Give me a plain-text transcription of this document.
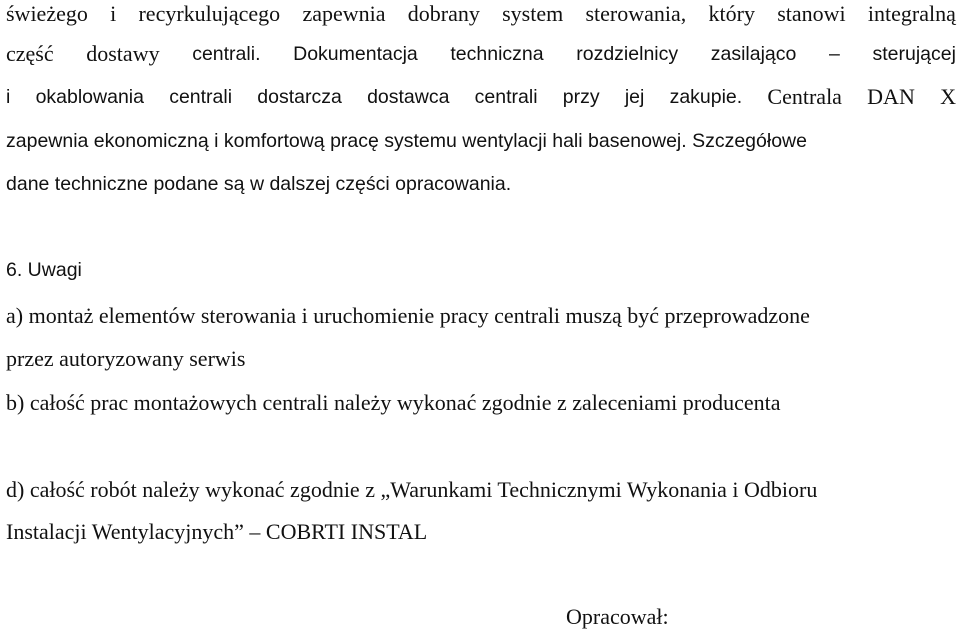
świeżego i recyrkulującego zapewnia dobrany system sterowania, który stanowi integralną
część dostawy centrali. Dokumentacja techniczna rozdzielnicy zasilająco – sterującej
i okablowania centrali dostarcza dostawca centrali przy jej zakupie. Centrala DAN X
zapewnia ekonomiczną i komfortową pracę systemu wentylacji hali basenowej. Szczegółowe
dane techniczne podane są w dalszej części opracowania.
6. Uwagi
a) montaż elementów sterowania i uruchomienie pracy centrali muszą być przeprowadzone
przez autoryzowany serwis
b) całość prac montażowych centrali należy wykonać zgodnie z zaleceniami producenta
d) całość robót należy wykonać zgodnie z „Warunkami Technicznymi Wykonania i Odbioru
Instalacji Wentylacyjnych” – COBRTI INSTAL
Opracował:
